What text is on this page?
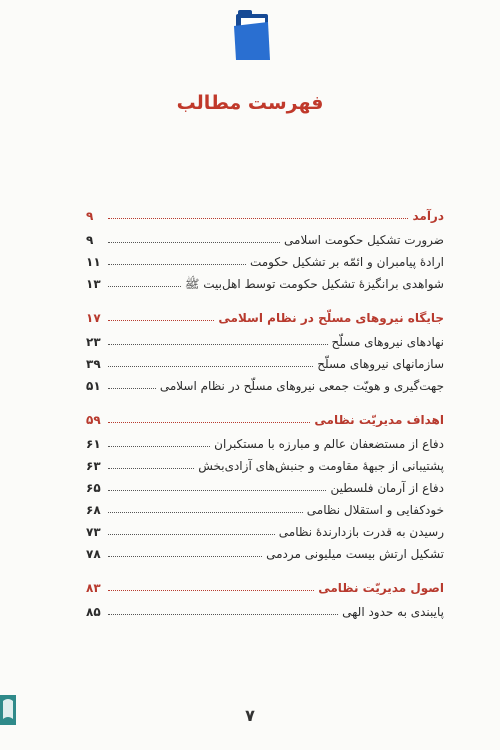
فهرست مطالب
درآمد
۹
ضرورت تشکیل حکومت اسلامی
۹
ارادهٔ پیامبران و ائمّه بر تشکیل حکومت
۱۱
شواهدی برانگیزهٔ تشکیل حکومت توسط اهل‌بیت ﷺ
۱۳
جایگاه نیروهای مسلّح در نظام اسلامی
۱۷
نهادهای نیروهای مسلّح
۲۳
سازمانهای نیروهای مسلّح
۳۹
جهت‌گیری و هویّت جمعی نیروهای مسلّح در نظام اسلامی
۵۱
اهداف مدیریّت نظامی
۵۹
دفاع از مستضعفان عالم و مبارزه با مستکبران
۶۱
پشتیبانی از جبههٔ مقاومت و جنبش‌های آزادی‌بخش
۶۳
دفاع از آرمان فلسطین
۶۵
خودکفایی و استقلال نظامی
۶۸
رسیدن به قدرت بازدارندهٔ نظامی
۷۳
تشکیل ارتش بیست میلیونی مردمی
۷۸
اصول مدیریّت نظامی
۸۳
پایبندی به حدود الهی
۸۵
۷
